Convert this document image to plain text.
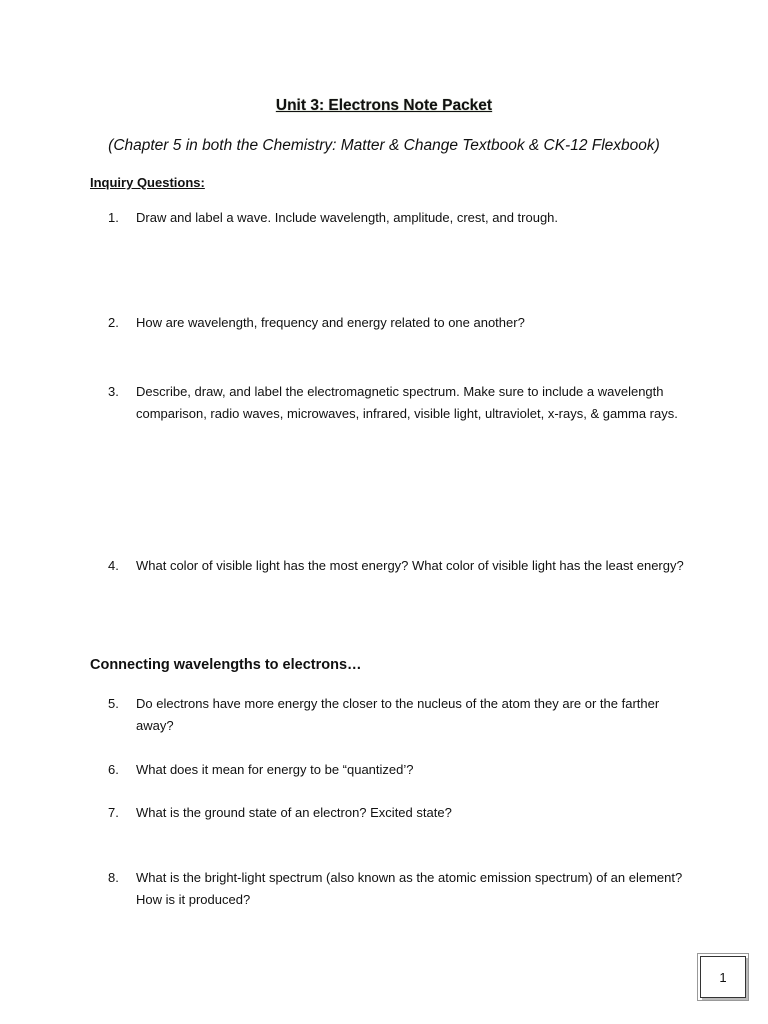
Unit 3: Electrons Note Packet
(Chapter 5 in both the Chemistry: Matter & Change Textbook & CK-12 Flexbook)
Inquiry Questions:
1.	Draw and label a wave. Include wavelength, amplitude, crest, and trough.
2.	How are wavelength, frequency and energy related to one another?
3.	Describe, draw, and label the electromagnetic spectrum. Make sure to include a wavelength comparison, radio waves, microwaves, infrared, visible light, ultraviolet, x-rays, & gamma rays.
4.	What color of visible light has the most energy? What color of visible light has the least energy?
Connecting wavelengths to electrons…
5.	Do electrons have more energy the closer to the nucleus of the atom they are or the farther away?
6.	What does it mean for energy to be “quantized’?
7.	What is the ground state of an electron? Excited state?
8.	What is the bright-light spectrum (also known as the atomic emission spectrum) of an element? How is it produced?
1
